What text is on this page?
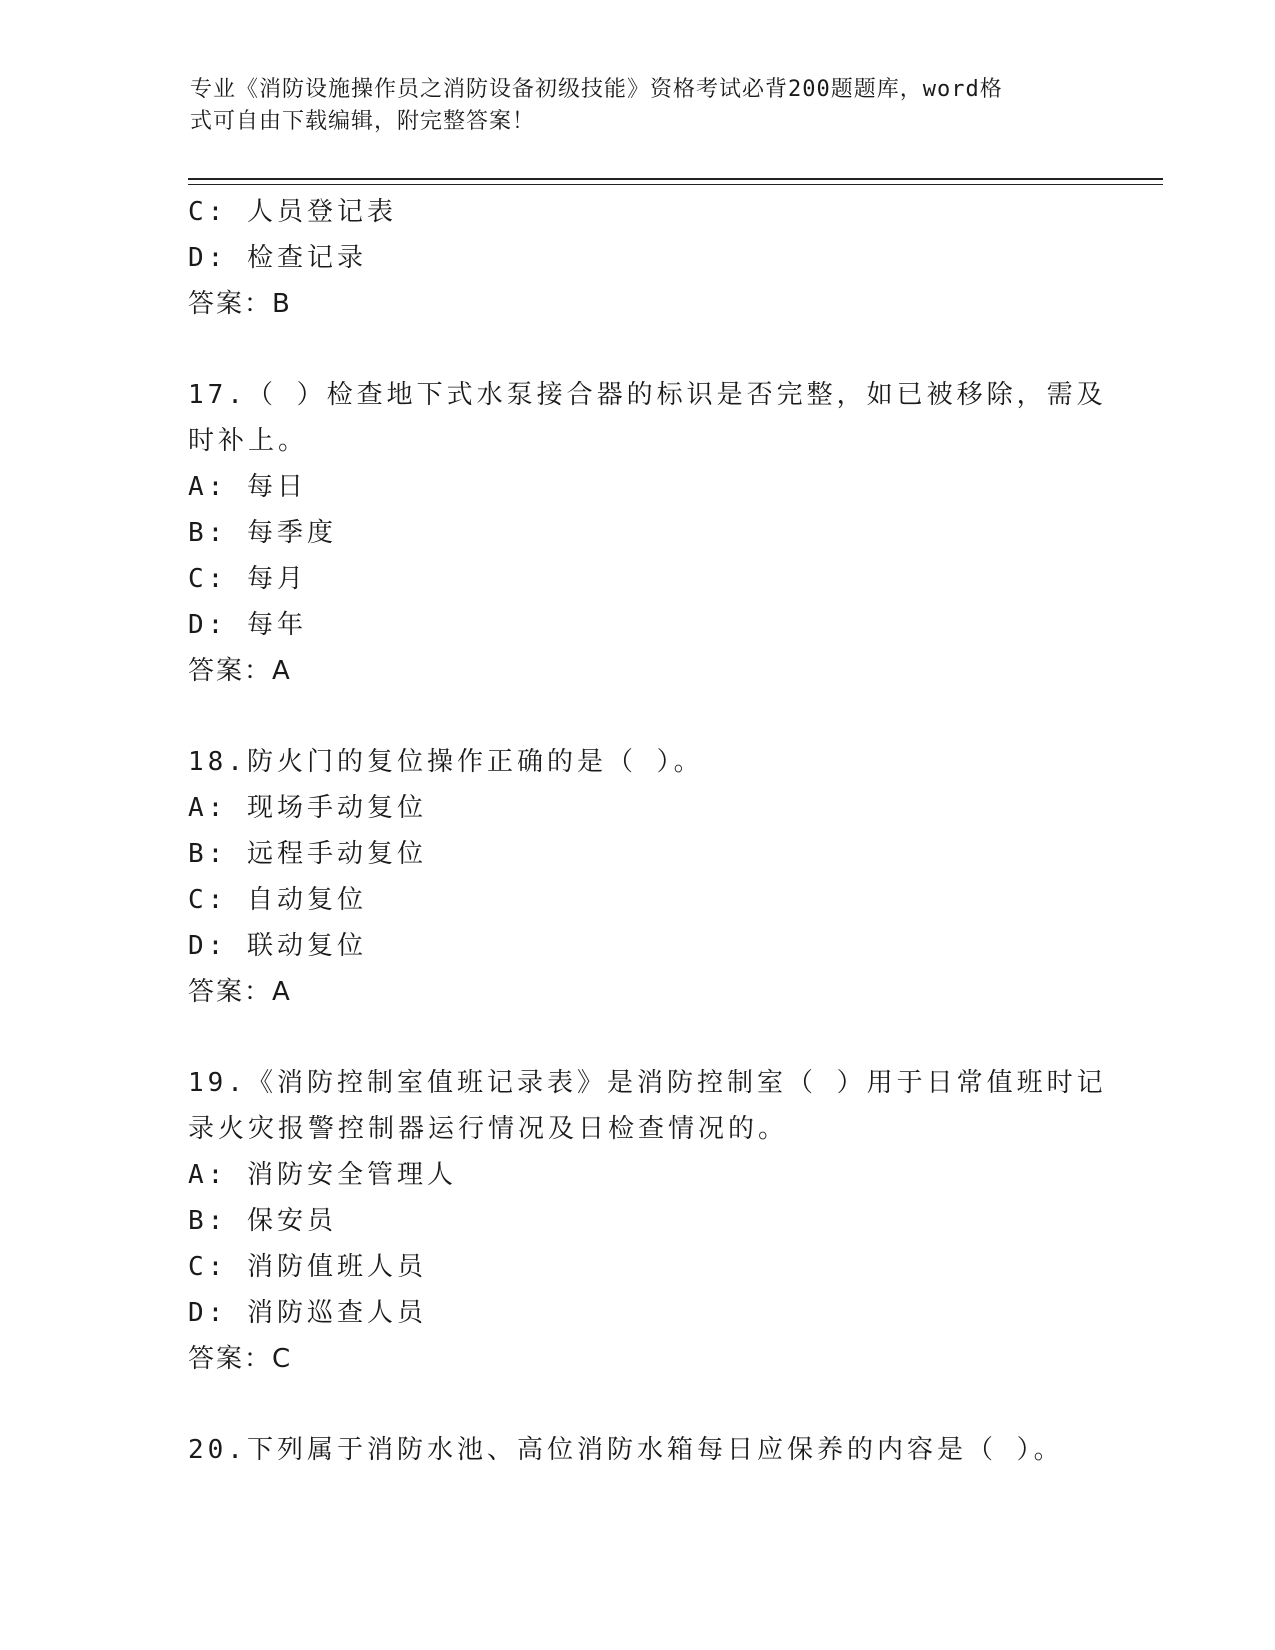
专业《消防设施操作员之消防设备初级技能》资格考试必背200题题库，word格
式可自由下载编辑，附完整答案！
C: 人员登记表
D: 检查记录
答案：B
17.（ ）检查地下式水泵接合器的标识是否完整，如已被移除，需及
时补上。
A: 每日
B: 每季度
C: 每月
D: 每年
答案：A
18.防火门的复位操作正确的是（ ）。
A: 现场手动复位
B: 远程手动复位
C: 自动复位
D: 联动复位
答案：A
19.《消防控制室值班记录表》是消防控制室（ ）用于日常值班时记
录火灾报警控制器运行情况及日检查情况的。
A: 消防安全管理人
B: 保安员
C: 消防值班人员
D: 消防巡查人员
答案：C
20.下列属于消防水池、高位消防水箱每日应保养的内容是（ ）。
